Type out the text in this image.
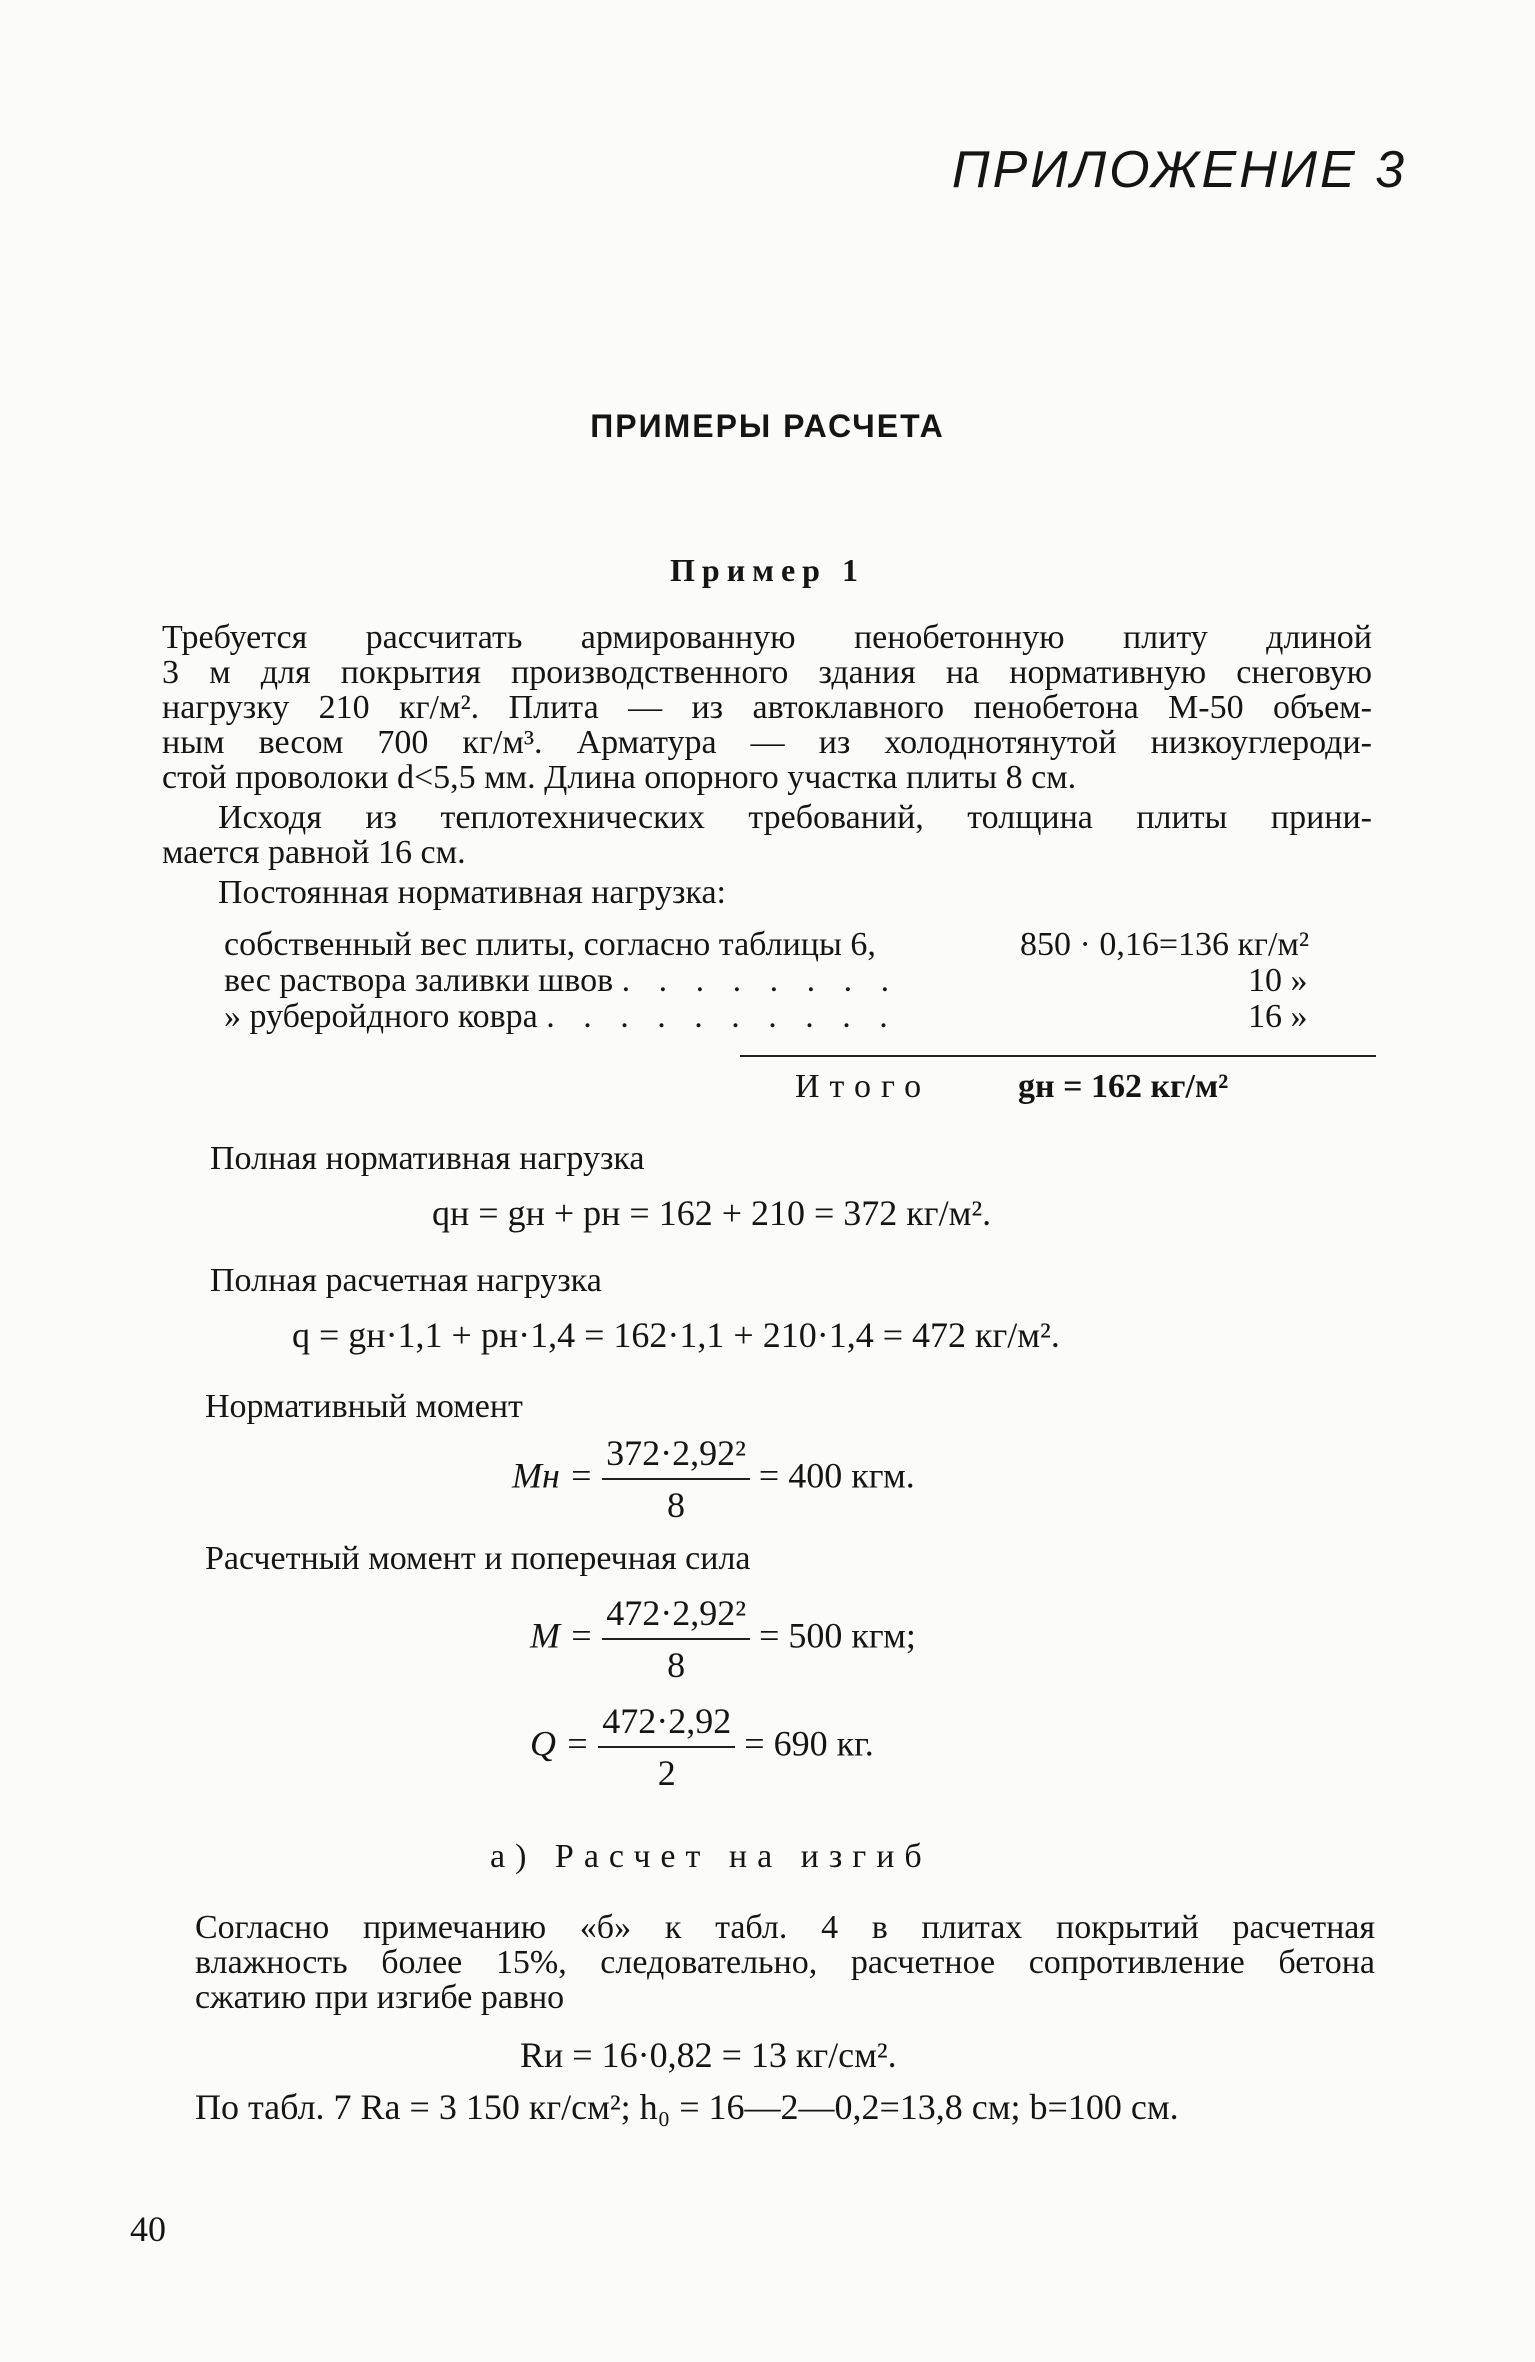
ПРИЛОЖЕНИЕ 3
ПРИМЕРЫ РАСЧЕТА
Пример 1
Требуется рассчитать армированную пенобетонную плиту длиной
3 м для покрытия производственного здания на нормативную снеговую
нагрузку 210 кг/м². Плита — из автоклавного пенобетона М-50 объем-
ным весом 700 кг/м³. Арматура — из холоднотянутой низкоуглероди-
стой проволоки d<5,5 мм. Длина опорного участка плиты 8 см.
Исходя из теплотехнических требований, толщина плиты прини-
мается равной 16 см.
Постоянная нормативная нагрузка:
собственный вес плиты, согласно таблицы 6,	850 · 0,16=136 кг/м²
вес раствора заливки швов . . . . . . . .	10 »
» руберойдного ковра . . . . . . . . . .	16 »
Итого	gн = 162 кг/м²
Полная нормативная нагрузка
qн = gн + pн = 162 + 210 = 372 кг/м².
Полная расчетная нагрузка
q = gн·1,1 + pн·1,4 = 162·1,1 + 210·1,4 = 472 кг/м².
Нормативный момент
Mн = $\frac{\text{372·2,92²}}{8} = 400$ кгм.
Расчетный момент и поперечная сила
$M = \frac{\text{472·2,92²}}{8} = 500$ кгм;
$Q = \frac{472\cdot 2,92}{2} = 690$ кг.
а) Расчет на изгиб
Согласно примечанию «б» к табл. 4 в плитах покрытий расчетная
влажность более 15%, следовательно, расчетное сопротивление бетона
сжатию при изгибе равно
Rи = 16·0,82 = 13 кг/см².
По табл. 7 Ra = 3 150 кг/см²; h₀ = 16—2—0,2=13,8 см; b=100 см.
40
